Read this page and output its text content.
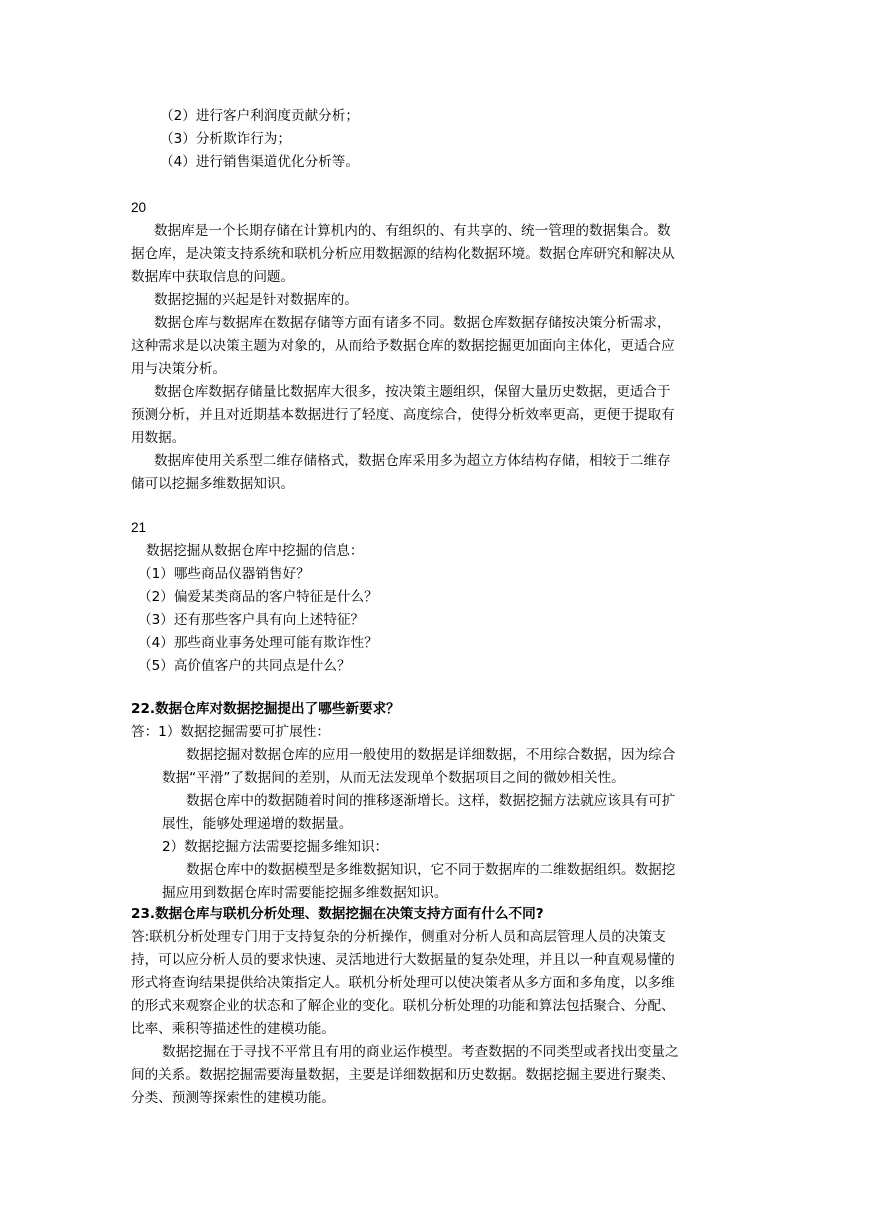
（2）进行客户利润度贡献分析；
（3）分析欺诈行为；
（4）进行销售渠道优化分析等。
20
数据库是一个长期存储在计算机内的、有组织的、有共享的、统一管理的数据集合。数
据仓库，是决策支持系统和联机分析应用数据源的结构化数据环境。数据仓库研究和解决从
数据库中获取信息的问题。
数据挖掘的兴起是针对数据库的。
数据仓库与数据库在数据存储等方面有诸多不同。数据仓库数据存储按决策分析需求，
这种需求是以决策主题为对象的，从而给予数据仓库的数据挖掘更加面向主体化，更适合应
用与决策分析。
数据仓库数据存储量比数据库大很多，按决策主题组织，保留大量历史数据，更适合于
预测分析，并且对近期基本数据进行了轻度、高度综合，使得分析效率更高，更便于提取有
用数据。
数据库使用关系型二维存储格式，数据仓库采用多为超立方体结构存储，相较于二维存
储可以挖掘多维数据知识。
21
数据挖掘从数据仓库中挖掘的信息：
（1）哪些商品仪器销售好？
（2）偏爱某类商品的客户特征是什么？
（3）还有那些客户具有向上述特征？
（4）那些商业事务处理可能有欺诈性？
（5）高价值客户的共同点是什么？
22.数据仓库对数据挖掘提出了哪些新要求？
答：1）数据挖掘需要可扩展性：
数据挖掘对数据仓库的应用一般使用的数据是详细数据，不用综合数据，因为综合
数据“平滑”了数据间的差别，从而无法发现单个数据项目之间的微妙相关性。
数据仓库中的数据随着时间的推移逐渐增长。这样，数据挖掘方法就应该具有可扩
展性，能够处理递增的数据量。
2）数据挖掘方法需要挖掘多维知识：
数据仓库中的数据模型是多维数据知识，它不同于数据库的二维数据组织。数据挖
掘应用到数据仓库时需要能挖掘多维数据知识。
23.数据仓库与联机分析处理、数据挖掘在决策支持方面有什么不同?
答:联机分析处理专门用于支持复杂的分析操作，侧重对分析人员和高层管理人员的决策支
持，可以应分析人员的要求快速、灵活地进行大数据量的复杂处理，并且以一种直观易懂的
形式将查询结果提供给决策指定人。联机分析处理可以使决策者从多方面和多角度，以多维
的形式来观察企业的状态和了解企业的变化。联机分析处理的功能和算法包括聚合、分配、
比率、乘积等描述性的建模功能。
数据挖掘在于寻找不平常且有用的商业运作模型。考查数据的不同类型或者找出变量之
间的关系。数据挖掘需要海量数据，主要是详细数据和历史数据。数据挖掘主要进行聚类、
分类、预测等探索性的建模功能。
